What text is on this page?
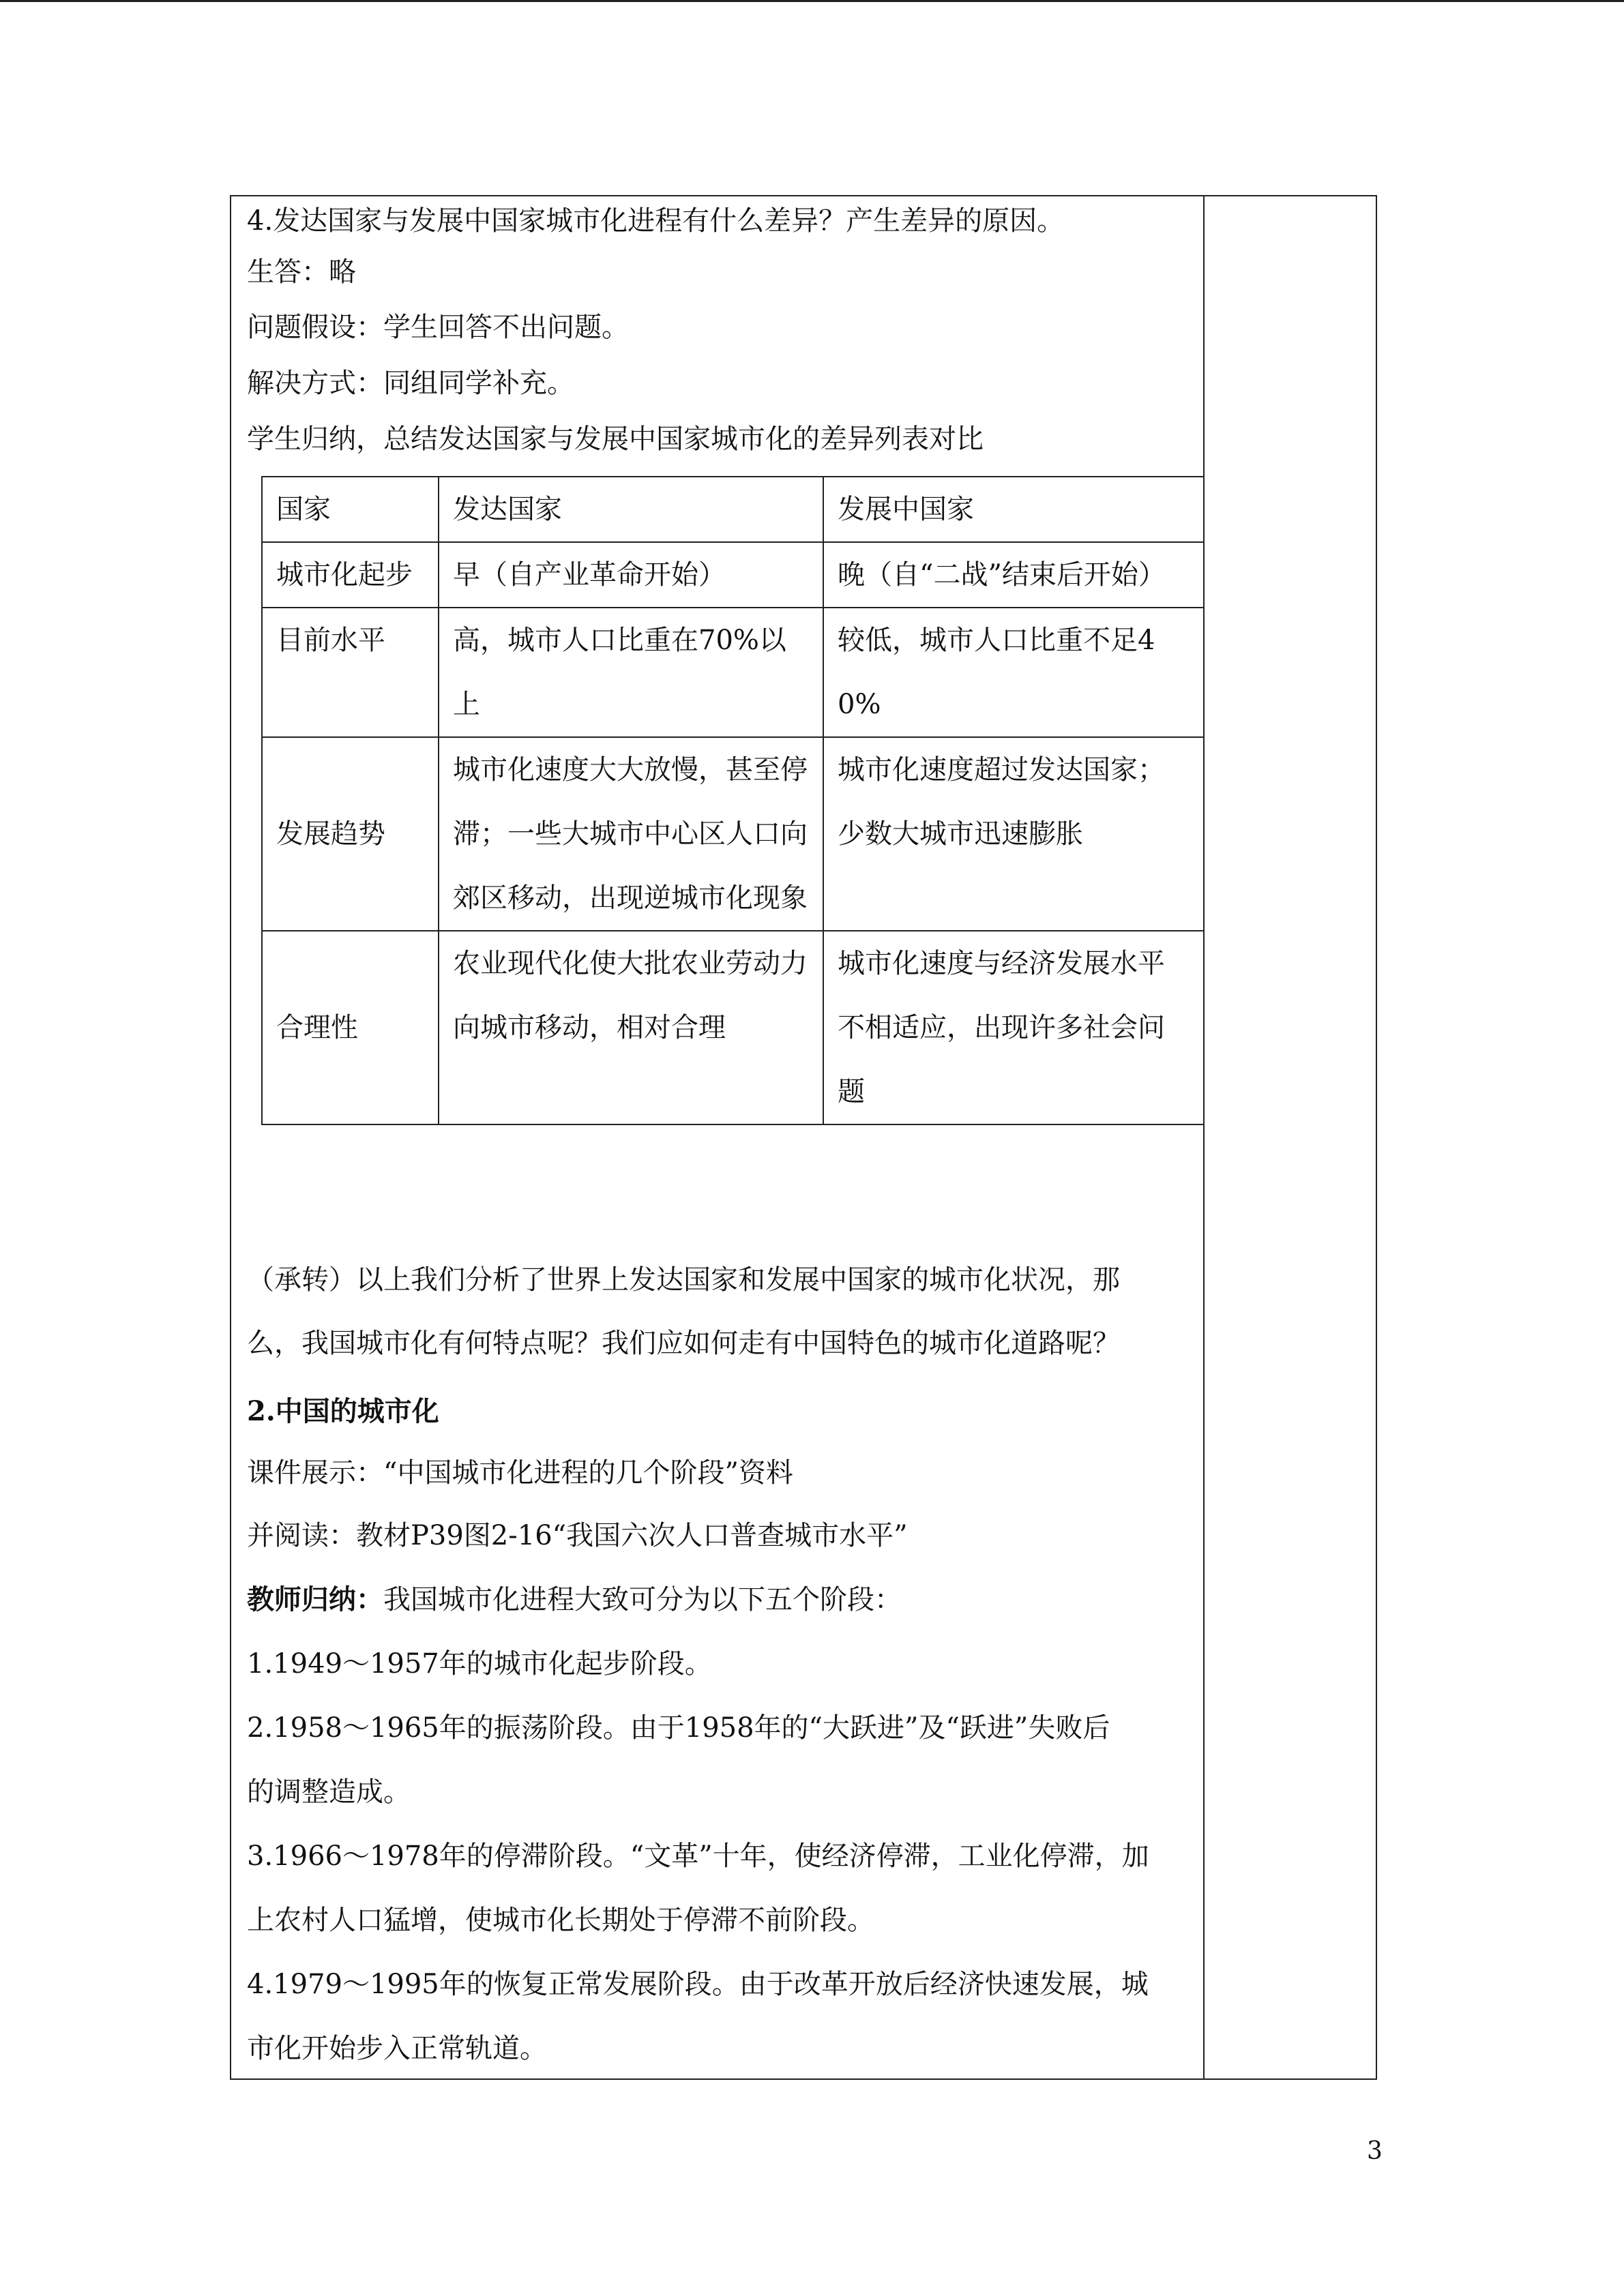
4.发达国家与发展中国家城市化进程有什么差异？产生差异的原因。
生答：略
问题假设：学生回答不出问题。
解决方式：同组同学补充。
学生归纳，总结发达国家与发展中国家城市化的差异列表对比
国家	发达国家	发展中国家
城市化起步	早（自产业革命开始）	晚（自“二战”结束后开始）
目前水平	高，城市人口比重在70%以上	较低，城市人口比重不足40%
发展趋势	城市化速度大大放慢，甚至停滞；一些大城市中心区人口向郊区移动，出现逆城市化现象	城市化速度超过发达国家；少数大城市迅速膨胀
合理性	农业现代化使大批农业劳动力向城市移动，相对合理	城市化速度与经济发展水平不相适应，出现许多社会问题
（承转）以上我们分析了世界上发达国家和发展中国家的城市化状况，那
么，我国城市化有何特点呢？我们应如何走有中国特色的城市化道路呢？
2.中国的城市化
课件展示：“中国城市化进程的几个阶段”资料
并阅读：教材P39图2-16“我国六次人口普查城市水平”
教师归纳：我国城市化进程大致可分为以下五个阶段：
1.1949～1957年的城市化起步阶段。
2.1958～1965年的振荡阶段。由于1958年的“大跃进”及“跃进”失败后
的调整造成。
3.1966～1978年的停滞阶段。“文革”十年，使经济停滞，工业化停滞，加
上农村人口猛增，使城市化长期处于停滞不前阶段。
4.1979～1995年的恢复正常发展阶段。由于改革开放后经济快速发展，城
市化开始步入正常轨道。
3
